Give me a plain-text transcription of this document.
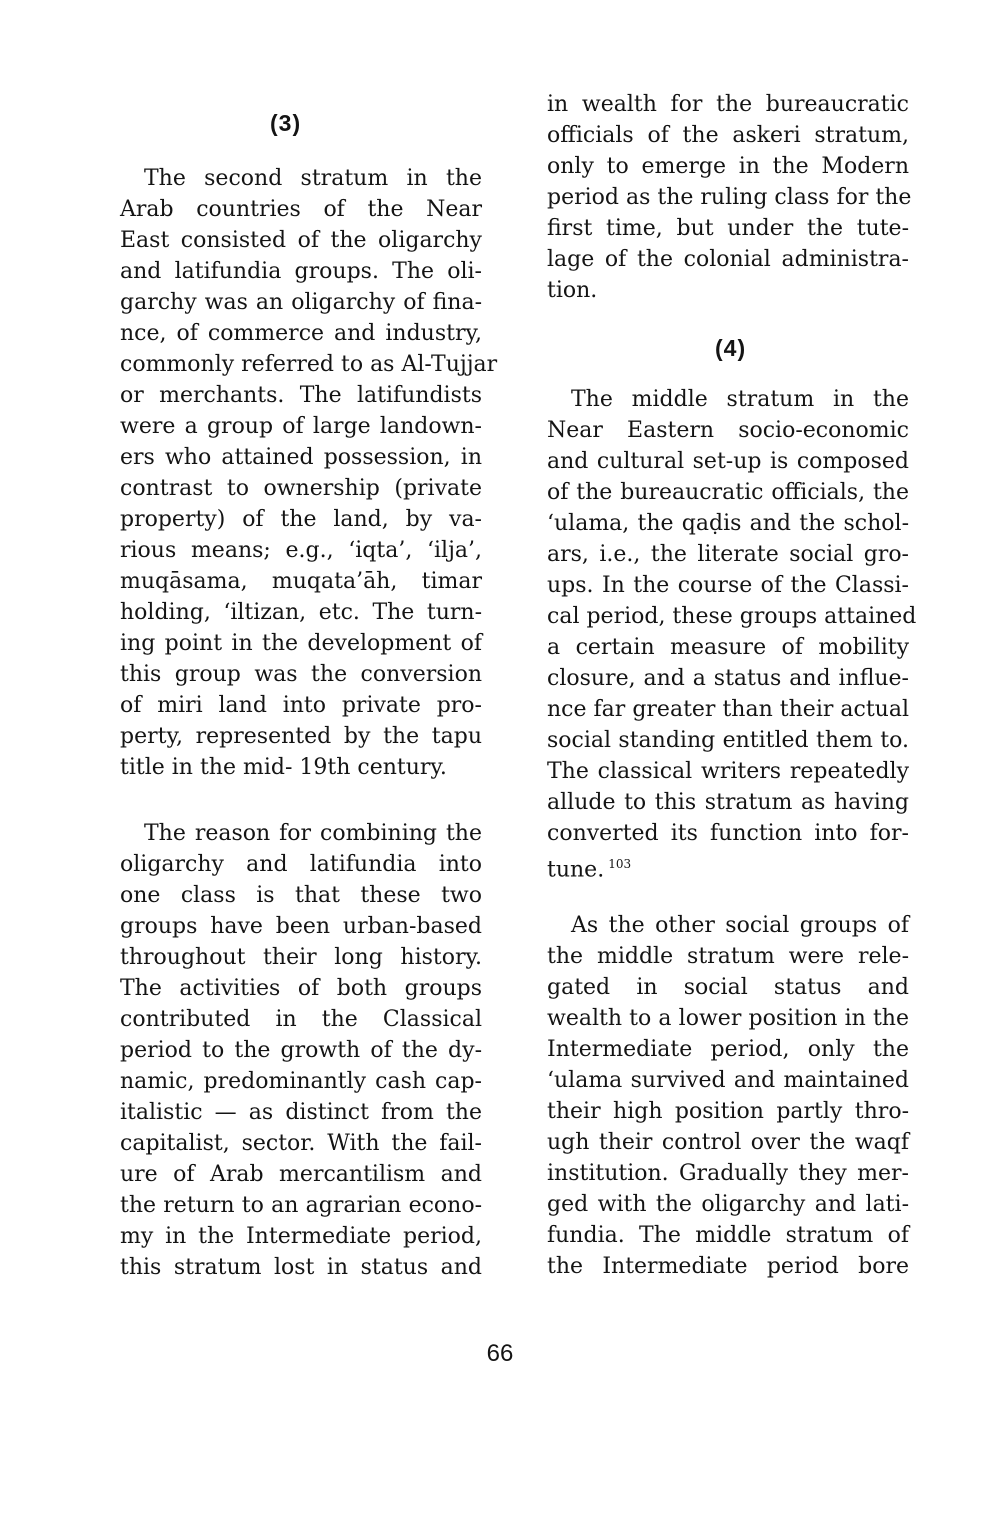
(3)
The second stratum in the
Arab countries of the Near
East consisted of the oligarchy
and latifundia groups. The oli-
garchy was an oligarchy of fina-
nce, of commerce and industry,
commonly referred to as Al-Tujjar
or merchants. The latifundists
were a group of large landown-
ers who attained possession, in
contrast to ownership (private
property) of the land, by va-
rious means; e.g., ‘iqta’, ‘ilja’,
muqāsama, muqata’āh, timar
holding, ‘iltizan, etc. The turn-
ing point in the development of
this group was the conversion
of miri land into private pro-
perty, represented by the tapu
title in the mid- 19th century.
The reason for combining the
oligarchy and latifundia into
one class is that these two
groups have been urban-based
throughout their long history.
The activities of both groups
contributed in the Classical
period to the growth of the dy-
namic, predominantly cash cap-
italistic — as distinct from the
capitalist, sector. With the fail-
ure of Arab mercantilism and
the return to an agrarian econo-
my in the Intermediate period,
this stratum lost in status and
in wealth for the bureaucratic
officials of the askeri stratum,
only to emerge in the Modern
period as the ruling class for the
first time, but under the tute-
lage of the colonial administra-
tion.
(4)
The middle stratum in the
Near Eastern socio-economic
and cultural set-up is composed
of the bureaucratic officials, the
‘ulama, the qaḍis and the schol-
ars, i.e., the literate social gro-
ups. In the course of the Classi-
cal period, these groups attained
a certain measure of mobility
closure, and a status and influe-
nce far greater than their actual
social standing entitled them to.
The classical writers repeatedly
allude to this stratum as having
converted its function into for-
tune. $^{103}$
As the other social groups of
the middle stratum were rele-
gated in social status and
wealth to a lower position in the
Intermediate period, only the
‘ulama survived and maintained
their high position partly thro-
ugh their control over the waqf
institution. Gradually they mer-
ged with the oligarchy and lati-
fundia. The middle stratum of
the Intermediate period bore
66
